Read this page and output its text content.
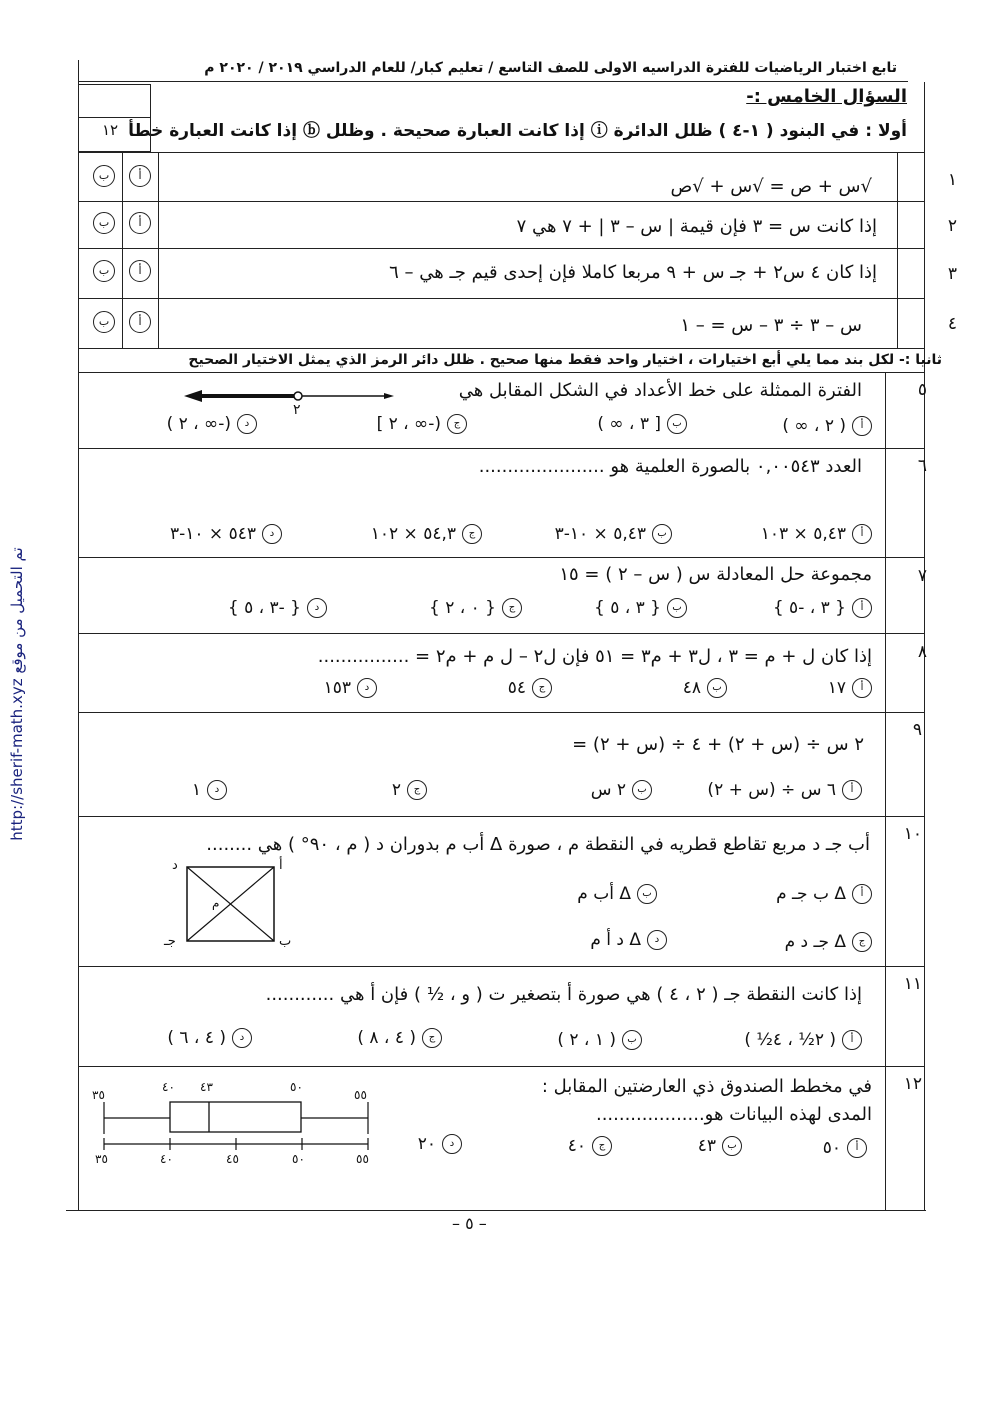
http://sherif-math.xyz تم التحميل من موقع
تابع اختبار الرياضيات للفترة الدراسيه الاولى للصف التاسع / تعليم كبار/ للعام الدراسي ٢٠١٩ / ٢٠٢٠ م
السؤال الخامس :-
أولا : في البنود ( ١-٤ ) ظلل الدائرة ⓘ إذا كانت العبارة صحيحة . وظلل ⓑ إذا كانت العبارة خطأ
١٢
١
√س + ص = √س + √ص
أ
ب
٢
إذا كانت س = ٣ فإن قيمة | س – ٣ | + ٧ هي ٧
أ
ب
٣
إذا كان ٤ س٢ + جـ س + ٩ مربعا كاملا فإن إحدى قيم جـ هي – ٦
أ
ب
٤
س – ٣ ÷ ٣ – س = – ١
أ
ب
ثانيا :- لكل بند مما يلي أبع اختيارات ، اختيار واحد فقط منها صحيح . ظلل دائر الرمز الذي يمثل الاختيار الصحيح
٥
الفترة الممثلة على خط الأعداد في الشكل المقابل هي
٢
أ( ٢ ، ∞ )
ب[ ٣ ، ∞ )
ج(-∞ ، ٢ ]
د(-∞ ، ٢ )
٦
العدد ٠,٠٠٥٤٣ بالصورة العلمية هو ......................
أ٥,٤٣ × ١٠٣
ب٥,٤٣ × ١٠-٣
ج٥٤,٣ × ١٠٢
د٥٤٣ × ١٠-٣
٧
مجموعة حل المعادلة س ( س – ٢ ) = ١٥
أ{ ٣ ، -٥ }
ب{ ٣ ، ٥ }
ج{ ٠ ، ٢ }
د{ -٣ ، ٥ }
٨
إذا كان ل + م = ٣ ، ل٣ + م٣ = ٥١ فإن ل٢ – ل م + م٢ = ................
أ١٧
ب٤٨
ج٥٤
د١٥٣
٩
٢ س ÷ (س + ٢) + ٤ ÷ (س + ٢) =
أ٦ س ÷ (س + ٢)
ب٢ س
ج٢
د١
١٠
أب جـ د مربع تقاطع قطريه في النقطة م ، صورة Δ أب م بدوران د ( م ، ٩٠° ) هي ........
أ
د
ب
جـ
م
أΔ ب جـ م
بΔ أب م
جΔ جـ د م
دΔ د أ م
١١
إذا كانت النقطة جـ ( ٢ ، ٤ ) هي صورة أ بتصغير ت ( و ، ½ ) فإن أ هي ............
أ( ٢½ ، ٤½ )
ب( ١ ، ٢ )
ج( ٤ ، ٨ )
د( ٤ ، ٦ )
١٢
في مخطط الصندوق ذي العارضتين المقابل :
المدى لهذه البيانات هو...................
٣٥
٤٠ ٤٣	٥٠
٥٥
٣٥	٤٠	٤٥	٥٠	٥٥
أ٥٠
ب٤٣
ج٤٠
د٢٠
– ٥ –
